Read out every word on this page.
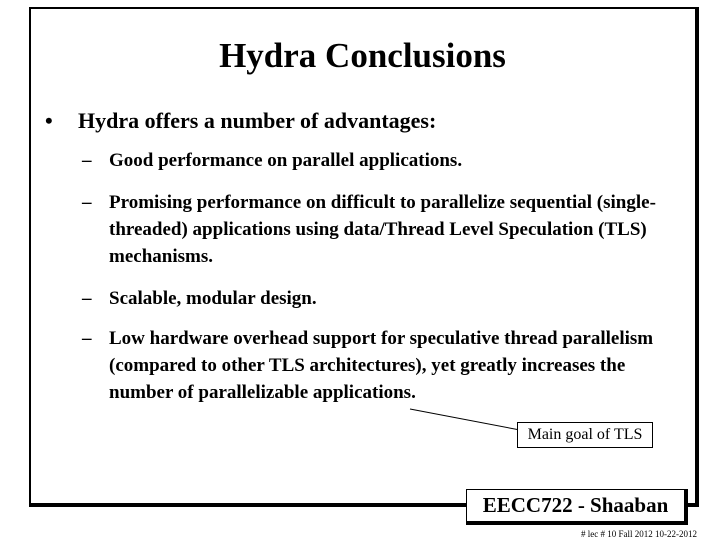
Hydra Conclusions
• Hydra offers a number of advantages:
– Good performance on parallel applications.
– Promising performance on difficult to parallelize sequential (single-threaded) applications using data/Thread Level Speculation (TLS) mechanisms.
– Scalable, modular design.
– Low hardware overhead support for speculative thread parallelism (compared to other TLS architectures), yet greatly increases the number of parallelizable applications.
Main goal of TLS
EECC722 - Shaaban
# lec # 10 Fall 2012 10-22-2012
